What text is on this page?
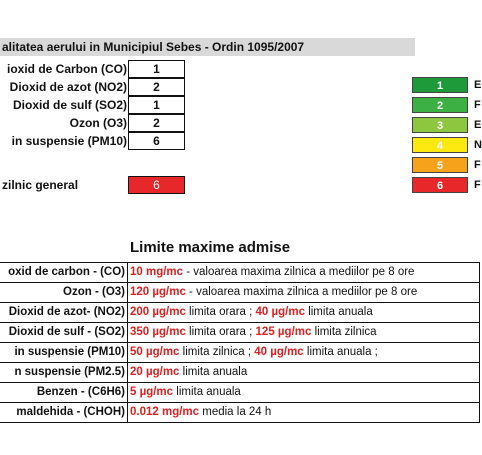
alitatea aerului in Municipiul Sebes - Ordin 1095/2007
ioxid de Carbon (CO)	1
Dioxid de azot (NO2)	2
Dioxid de sulf (SO2)	1
Ozon (O3)	2
in suspensie (PM10)	6
zilnic general	6
1	E
2	F
3	E
4	N
5	F
6	F
Limite maxime admise
oxid de carbon - (CO) 10 mg/mc - valoarea maxima zilnica a mediilor pe 8 ore
Ozon - (O3) 120 µg/mc - valoarea maxima zilnica a mediilor pe 8 ore
Dioxid de azot- (NO2) 200 µg/mc limita orara ; 40 µg/mc limita anuala
Dioxid de sulf - (SO2) 350 µg/mc limita orara ; 125 µg/mc limita zilnica
in suspensie (PM10) 50 µg/mc limita zilnica ; 40 µg/mc limita anuala ;
n suspensie (PM2.5) 20 µg/mc limita anuala
Benzen - (C6H6) 5 µg/mc limita anuala
maldehida - (CHOH) 0.012 mg/mc media la 24 h
